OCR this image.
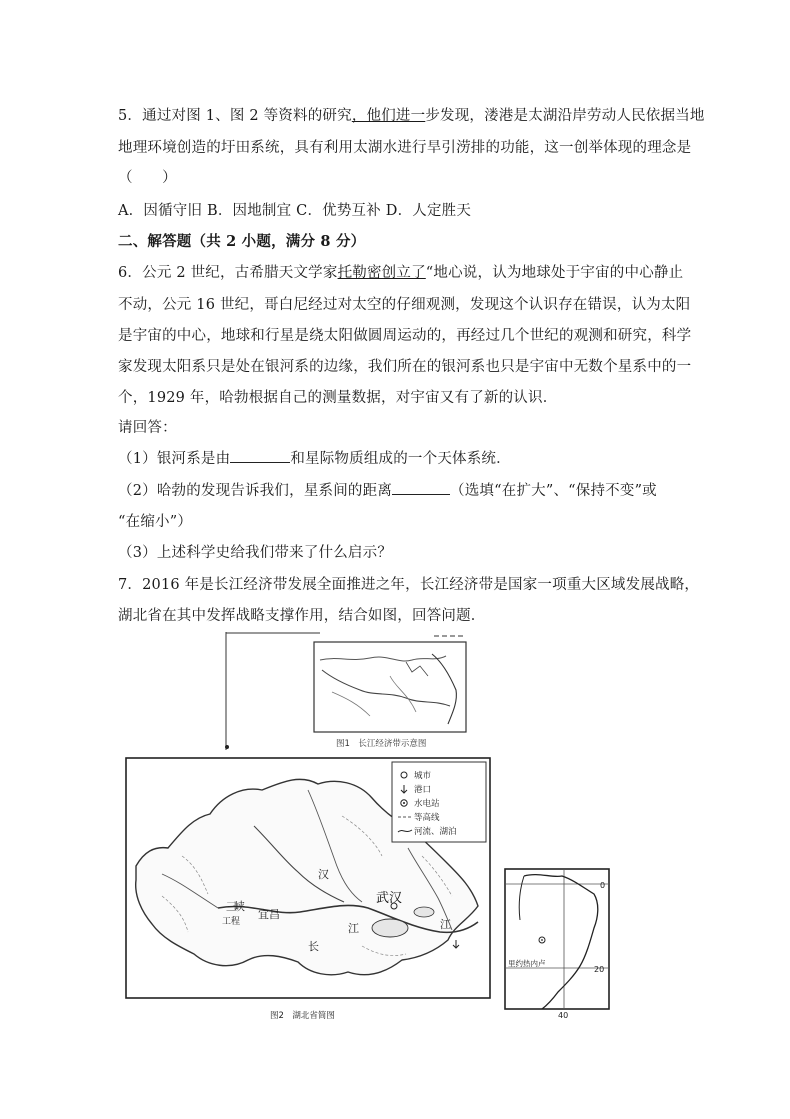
5．通过对图 1、图 2 等资料的研究，他们进一步发现，溇港是太湖沿岸劳动人民依据当地
地理环境创造的圩田系统，具有利用太湖水进行旱引涝排的功能，这一创举体现的理念是
（　　）
A．因循守旧 B．因地制宜 C．优势互补 D．人定胜天
二、解答题（共 2 小题，满分 8 分）
6．公元 2 世纪，古希腊天文学家托勒密创立了“地心说，认为地球处于宇宙的中心静止
不动，公元 16 世纪，哥白尼经过对太空的仔细观测，发现这个认识存在错误，认为太阳
是宇宙的中心，地球和行星是绕太阳做圆周运动的，再经过几个世纪的观测和研究，科学
家发现太阳系只是处在银河系的边缘，我们所在的银河系也只是宇宙中无数个星系中的一
个，1929 年，哈勃根据自己的测量数据，对宇宙又有了新的认识．
请回答：
（1）银河系是由	和星际物质组成的一个天体系统．
（2）哈勃的发现告诉我们，星系间的距离	（选填“在扩大”、“保持不变”或
“在缩小”）
（3）上述科学史给我们带来了什么启示？
7．2016 年是长江经济带发展全面推进之年，长江经济带是国家一项重大区域发展战略，
湖北省在其中发挥战略支撑作用，结合如图，回答问题．
图1　长江经济带示意图
城市
港口
水电站
等高线
河流、湖泊
三
峡
工程
宜昌
汉
江
长
武汉
江
图2　湖北省简图
里约热内卢
0
20
40
